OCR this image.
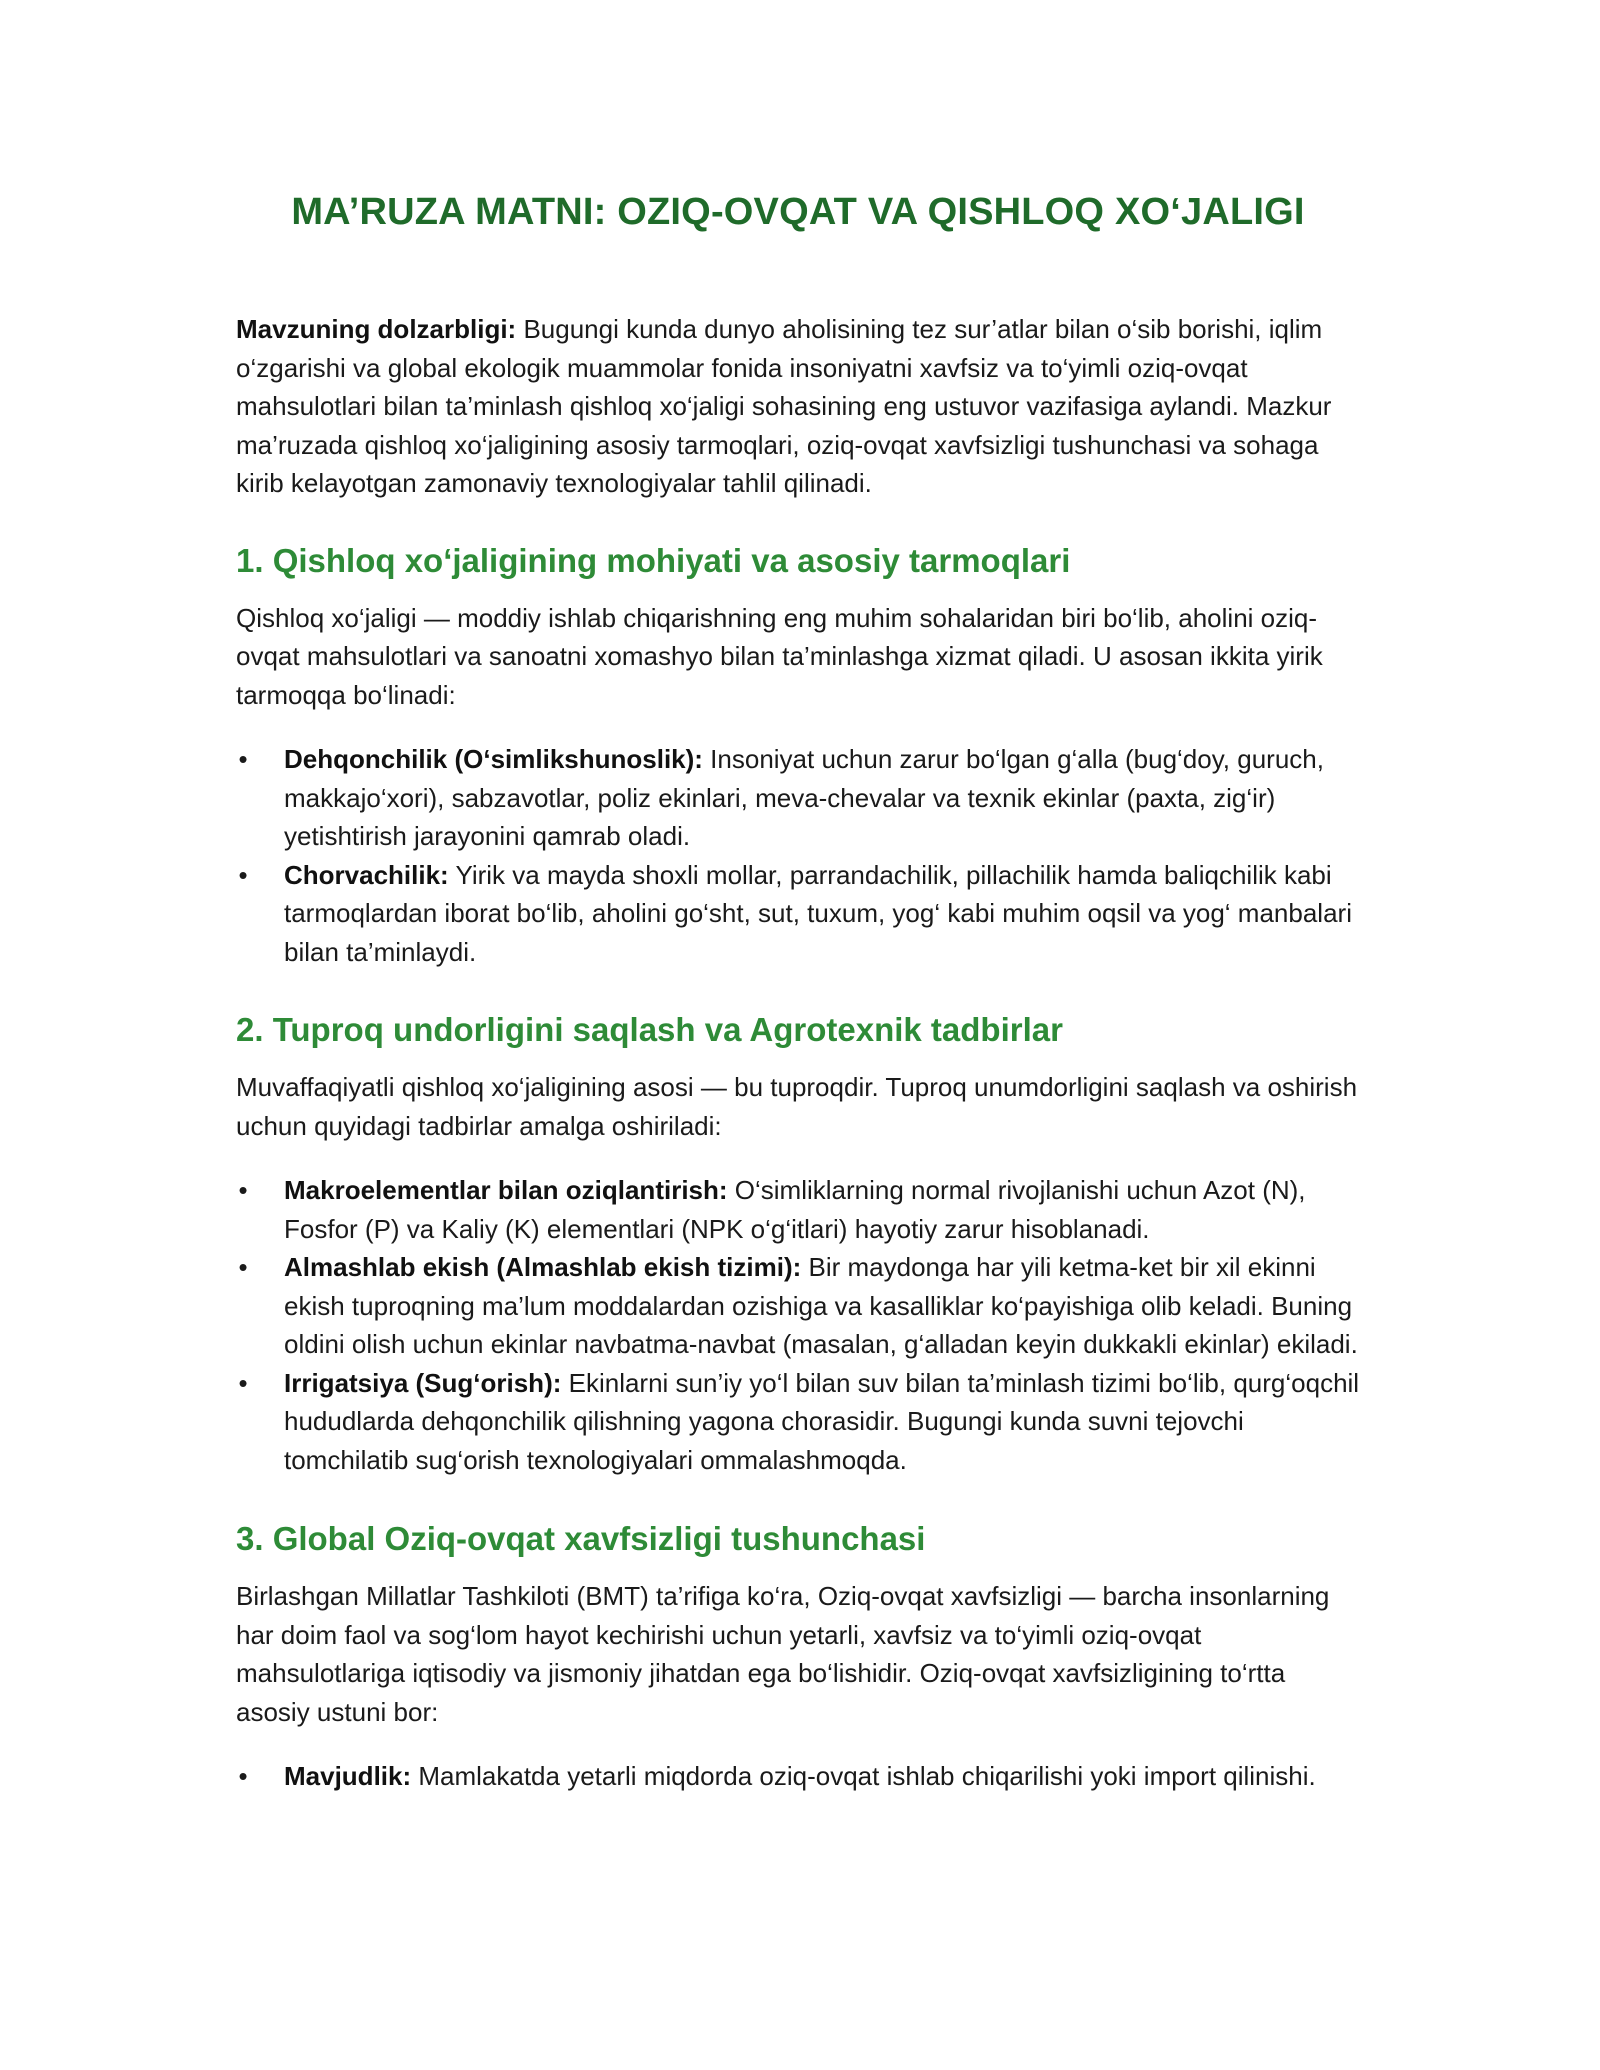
MA’RUZA MATNI: OZIQ-OVQAT VA QISHLOQ XO‘JALIGI

Mavzuning dolzarbligi: Bugungi kunda dunyo aholisining tez sur’atlar bilan o‘sib borishi, iqlim o‘zgarishi va global ekologik muammolar fonida insoniyatni xavfsiz va to‘yimli oziq-ovqat mahsulotlari bilan ta’minlash qishloq xo‘jaligi sohasining eng ustuvor vazifasiga aylandi. Mazkur ma’ruzada qishloq xo‘jaligining asosiy tarmoqlari, oziq-ovqat xavfsizligi tushunchasi va sohaga kirib kelayotgan zamonaviy texnologiyalar tahlil qilinadi.

1. Qishloq xo‘jaligining mohiyati va asosiy tarmoqlari

Qishloq xo‘jaligi — moddiy ishlab chiqarishning eng muhim sohalaridan biri bo‘lib, aholini oziq-ovqat mahsulotlari va sanoatni xomashyo bilan ta’minlashga xizmat qiladi. U asosan ikkita yirik tarmoqqa bo‘linadi:

• Dehqonchilik (O‘simlikshunoslik): Insoniyat uchun zarur bo‘lgan g‘alla (bug‘doy, guruch, makkajo‘xori), sabzavotlar, poliz ekinlari, meva-chevalar va texnik ekinlar (paxta, zig‘ir) yetishtirish jarayonini qamrab oladi.
• Chorvachilik: Yirik va mayda shoxli mollar, parrandachilik, pillachilik hamda baliqchilik kabi tarmoqlardan iborat bo‘lib, aholini go‘sht, sut, tuxum, yog‘ kabi muhim oqsil va yog‘ manbalari bilan ta’minlaydi.
2. Tuproq undorligini saqlash va Agrotexnik tadbirlar

Muvaffaqiyatli qishloq xo‘jaligining asosi — bu tuproqdir. Tuproq unumdorligini saqlash va oshirish uchun quyidagi tadbirlar amalga oshiriladi:

• Makroelementlar bilan oziqlantirish: O‘simliklarning normal rivojlanishi uchun Azot (N), Fosfor (P) va Kaliy (K) elementlari (NPK o‘g‘itlari) hayotiy zarur hisoblanadi.
• Almashlab ekish (Almashlab ekish tizimi): Bir maydonga har yili ketma-ket bir xil ekinni ekish tuproqning ma’lum moddalardan ozishiga va kasalliklar ko‘payishiga olib keladi. Buning oldini olish uchun ekinlar navbatma-navbat (masalan, g‘alladan keyin dukkakli ekinlar) ekiladi.
• Irrigatsiya (Sug‘orish): Ekinlarni sun’iy yo‘l bilan suv bilan ta’minlash tizimi bo‘lib, qurg‘oqchil hududlarda dehqonchilik qilishning yagona chorasidir. Bugungi kunda suvni tejovchi tomchilatib sug‘orish texnologiyalari ommalashmoqda.
3. Global Oziq-ovqat xavfsizligi tushunchasi

Birlashgan Millatlar Tashkiloti (BMT) ta’rifiga ko‘ra, Oziq-ovqat xavfsizligi — barcha insonlarning har doim faol va sog‘lom hayot kechirishi uchun yetarli, xavfsiz va to‘yimli oziq-ovqat mahsulotlariga iqtisodiy va jismoniy jihatdan ega bo‘lishidir. Oziq-ovqat xavfsizligining to‘rtta asosiy ustuni bor:

• Mavjudlik: Mamlakatda yetarli miqdorda oziq-ovqat ishlab chiqarilishi yoki import qilinishi.
